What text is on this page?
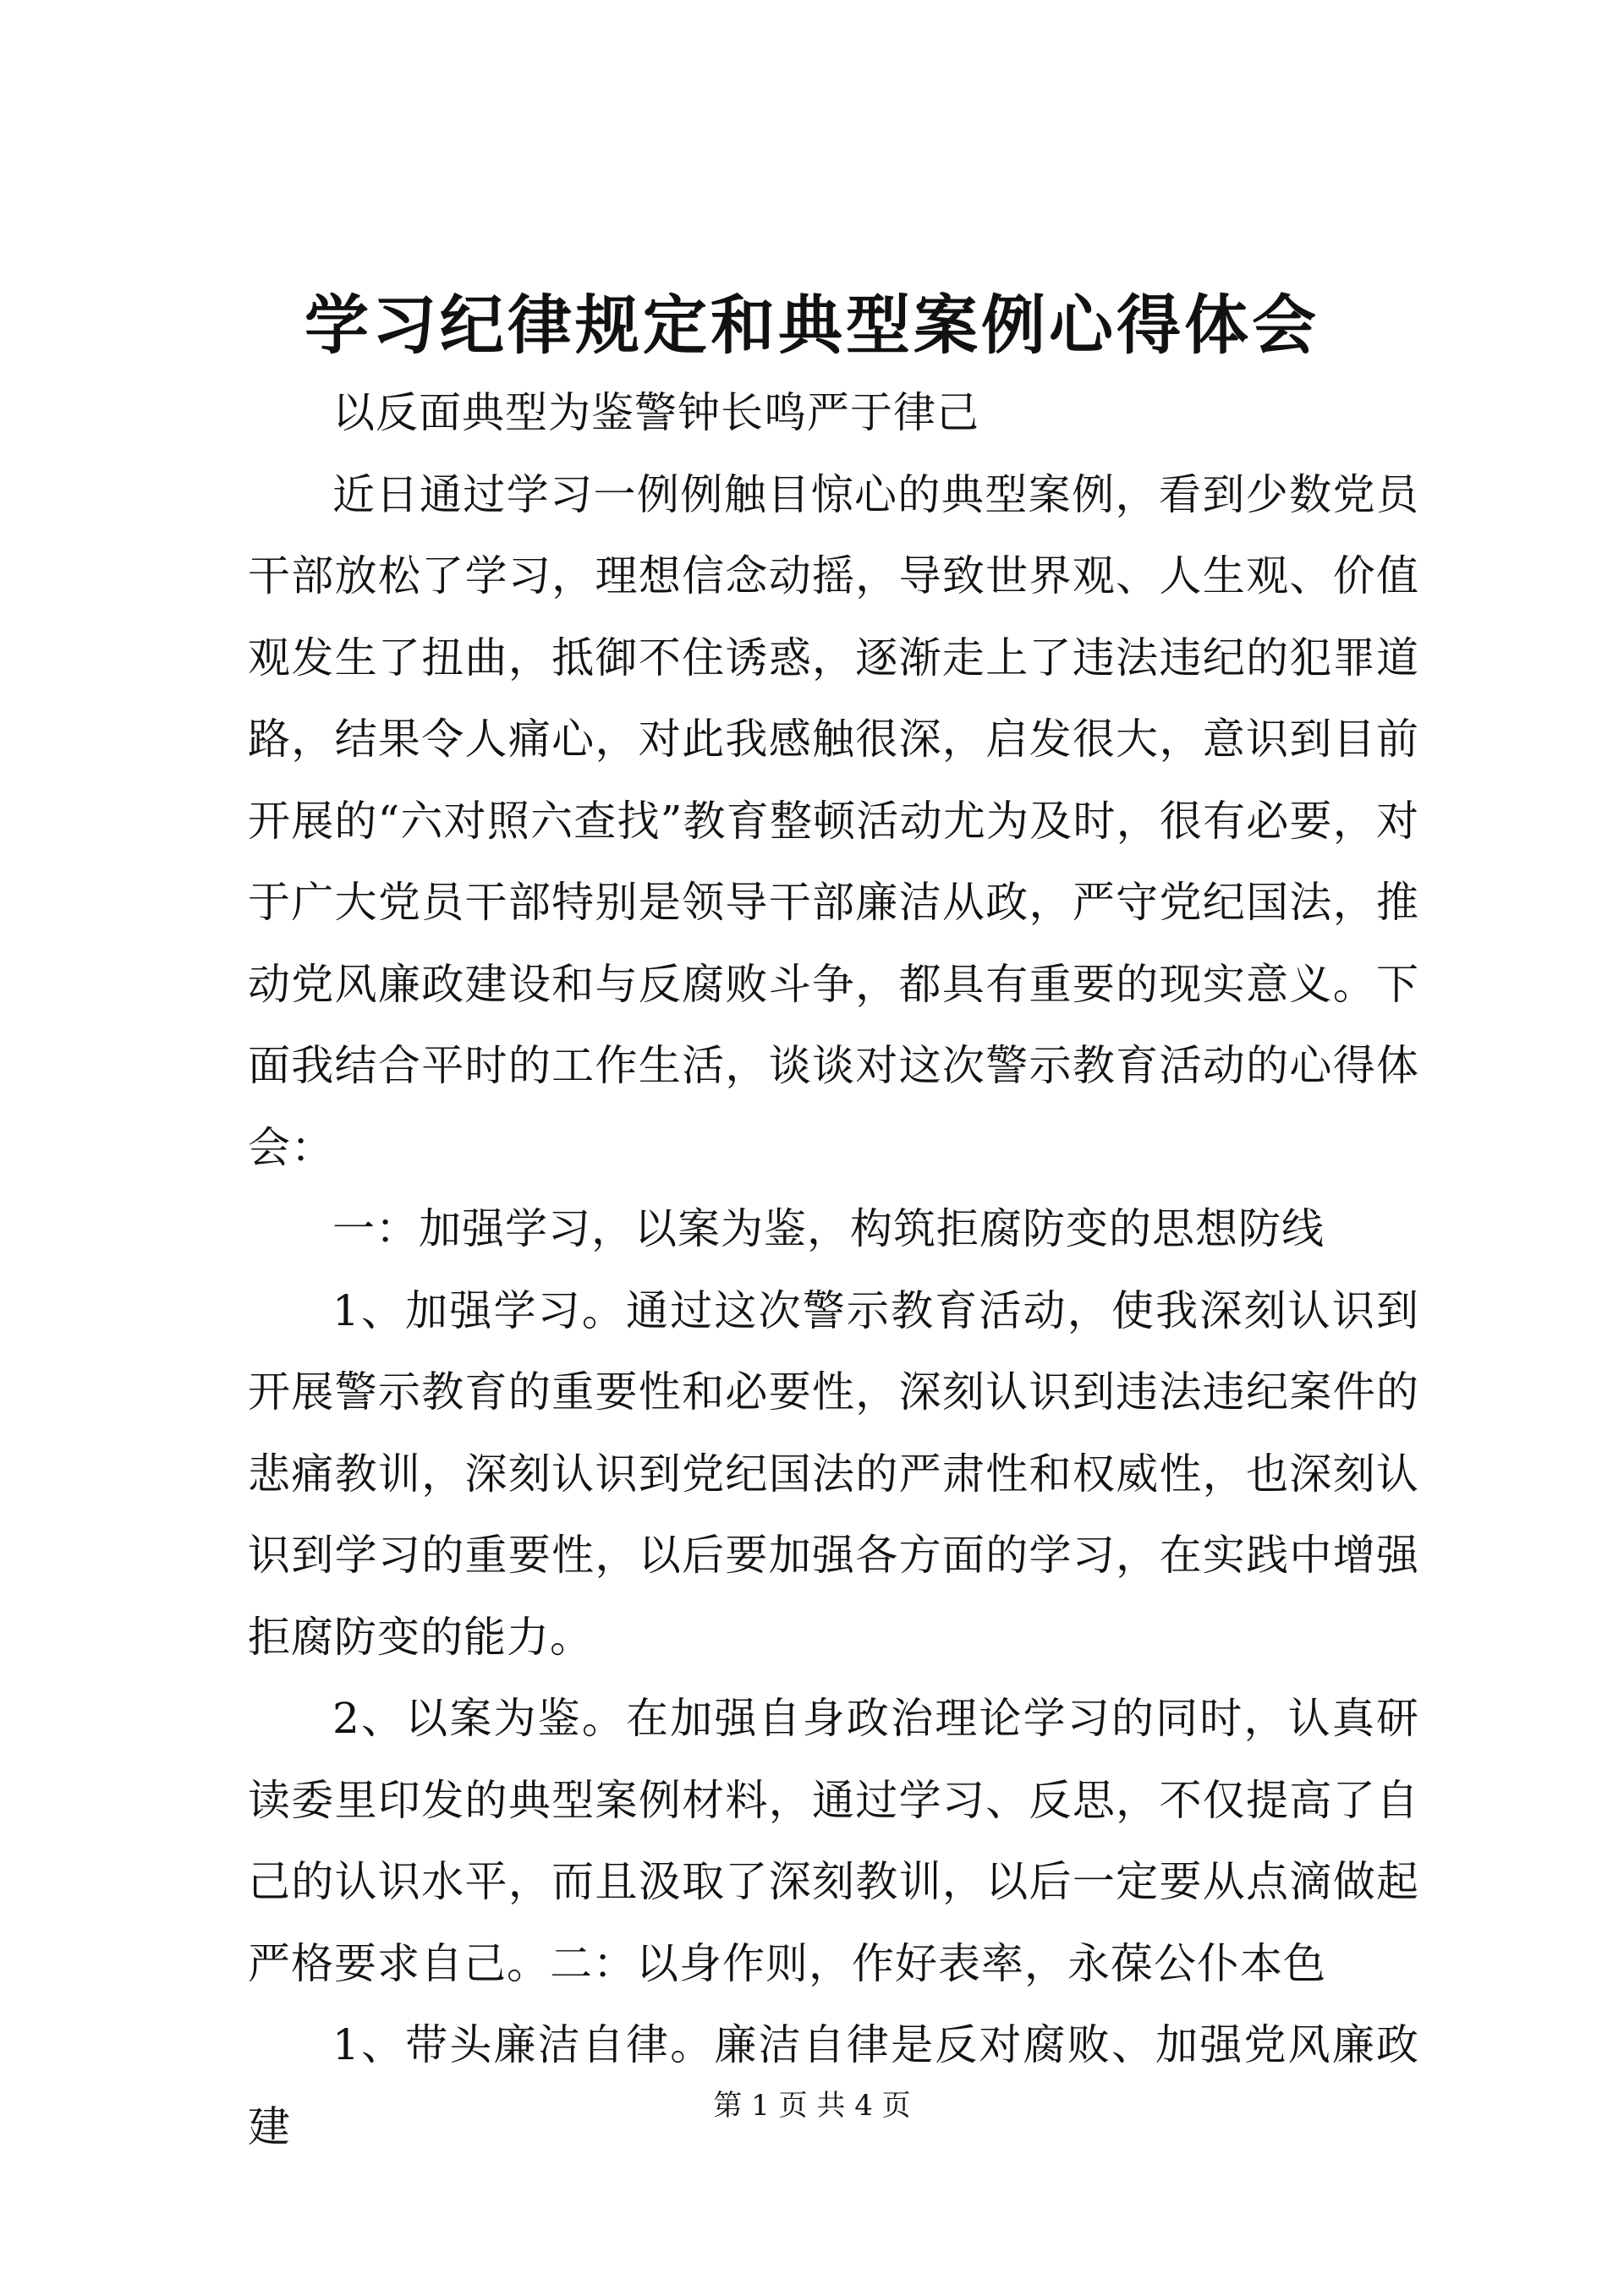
学习纪律规定和典型案例心得体会

以反面典型为鉴警钟长鸣严于律己

近日通过学习一例例触目惊心的典型案例，看到少数党员干部放松了学习，理想信念动摇，导致世界观、人生观、价值观发生了扭曲，抵御不住诱惑，逐渐走上了违法违纪的犯罪道路，结果令人痛心，对此我感触很深，启发很大，意识到目前开展的“六对照六查找”教育整顿活动尤为及时，很有必要，对于广大党员干部特别是领导干部廉洁从政，严守党纪国法，推动党风廉政建设和与反腐败斗争，都具有重要的现实意义。下面我结合平时的工作生活，谈谈对这次警示教育活动的心得体会：

一：加强学习，以案为鉴，构筑拒腐防变的思想防线

1、加强学习。通过这次警示教育活动，使我深刻认识到开展警示教育的重要性和必要性，深刻认识到违法违纪案件的悲痛教训，深刻认识到党纪国法的严肃性和权威性，也深刻认识到学习的重要性，以后要加强各方面的学习，在实践中增强拒腐防变的能力。

2、以案为鉴。在加强自身政治理论学习的同时，认真研读委里印发的典型案例材料，通过学习、反思，不仅提高了自己的认识水平，而且汲取了深刻教训，以后一定要从点滴做起严格要求自己。二：以身作则，作好表率，永葆公仆本色

1、带头廉洁自律。廉洁自律是反对腐败、加强党风廉政建	第 1 页 共 4 页
